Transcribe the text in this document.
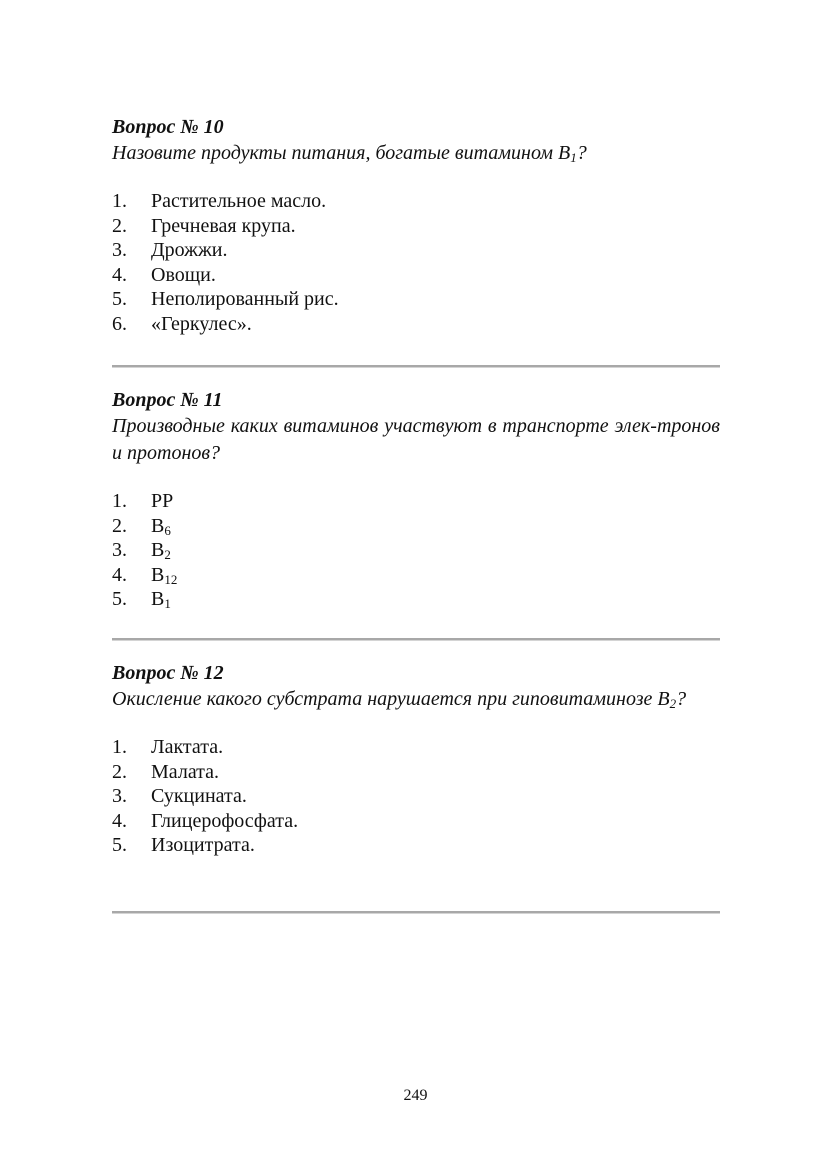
Вопрос № 10

Назовите продукты питания, богатые витамином $B_1$?

1.	Растительное масло.
2.	Гречневая крупа.
3.	Дрожжи.
4.	Овощи.
5.	Неполированный рис.
6.	«Геркулес».

Вопрос № 11

Производные каких витаминов участвуют в транспорте элек-тронов и протонов?

1.	PP
2.	$B_6$
3.	$B_2$
4.	$B_{12}$
5.	$B_1$

Вопрос № 12

Окисление какого субстрата нарушается при гиповитаминозе $B_2$?

1.	Лактата.
2.	Малата.
3.	Сукцината.
4.	Глицерофосфата.
5.	Изоцитрата.
249
